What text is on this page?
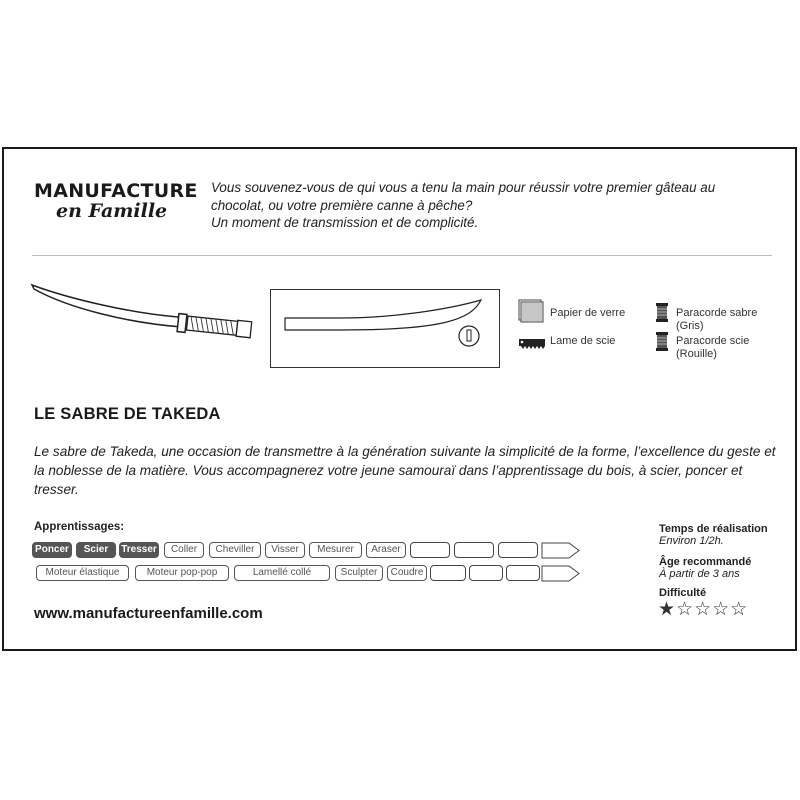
MANUFACTURE
en Famille

Vous souvenez-vous de qui vous a tenu la main pour réussir votre premier gâteau au

chocolat, ou votre première canne à pêche?

Un moment de transmission et de complicité.

Papier de verre
Lame de scie
Paracorde sabre
(Gris)
Paracorde scie
(Rouille)
LE SABRE DE TAKEDA
Le sabre de Takeda, une occasion de transmettre à la génération suivante la simplicité de la forme, l’excellence du geste et la noblesse de la matière. Vous accompagnerez votre jeune samouraï dans l’apprentissage du bois, à scier, poncer et tresser.
Apprentissages:
Poncer	Scier	Tresser	Coller	Cheviller	Visser	Mesurer	Araser
Moteur élastique	Moteur pop-pop	Lamellé collé	Sculpter	Coudre
www.manufactureenfamille.com
Temps de réalisation
Environ 1/2h.
Âge recommandé
À partir de 3 ans
Difficulté
★☆☆☆☆
